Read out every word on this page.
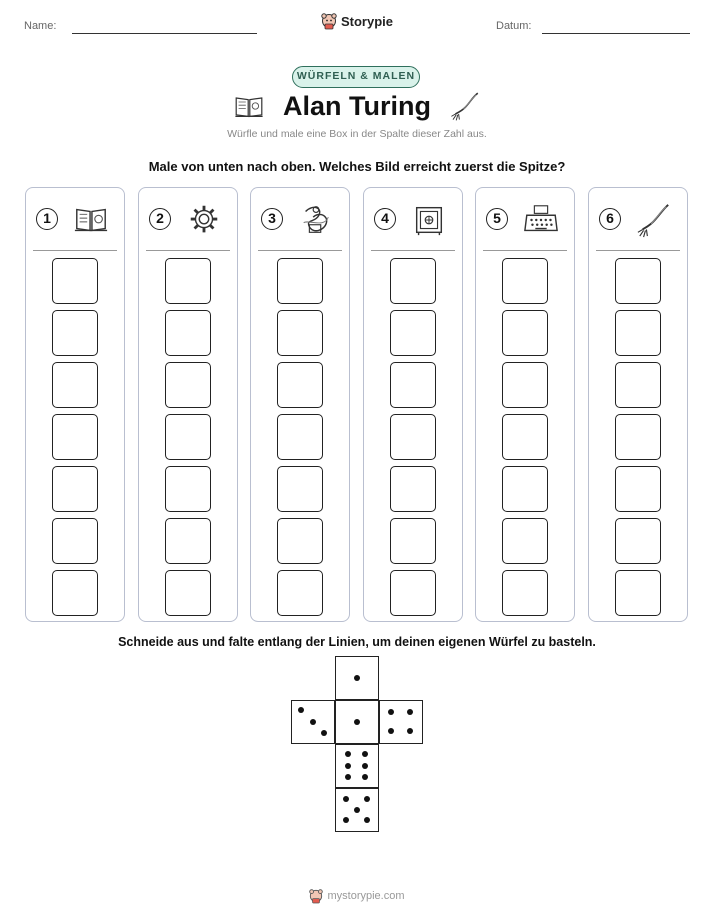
Name:	Datum:
Storypie
WÜRFELN & MALEN
Alan Turing
Würfle und male eine Box in der Spalte dieser Zahl aus.
Male von unten nach oben. Welches Bild erreicht zuerst die Spitze?
1	2	3	4	5	6
Schneide aus und falte entlang der Linien, um deinen eigenen Würfel zu basteln.
mystorypie.com
